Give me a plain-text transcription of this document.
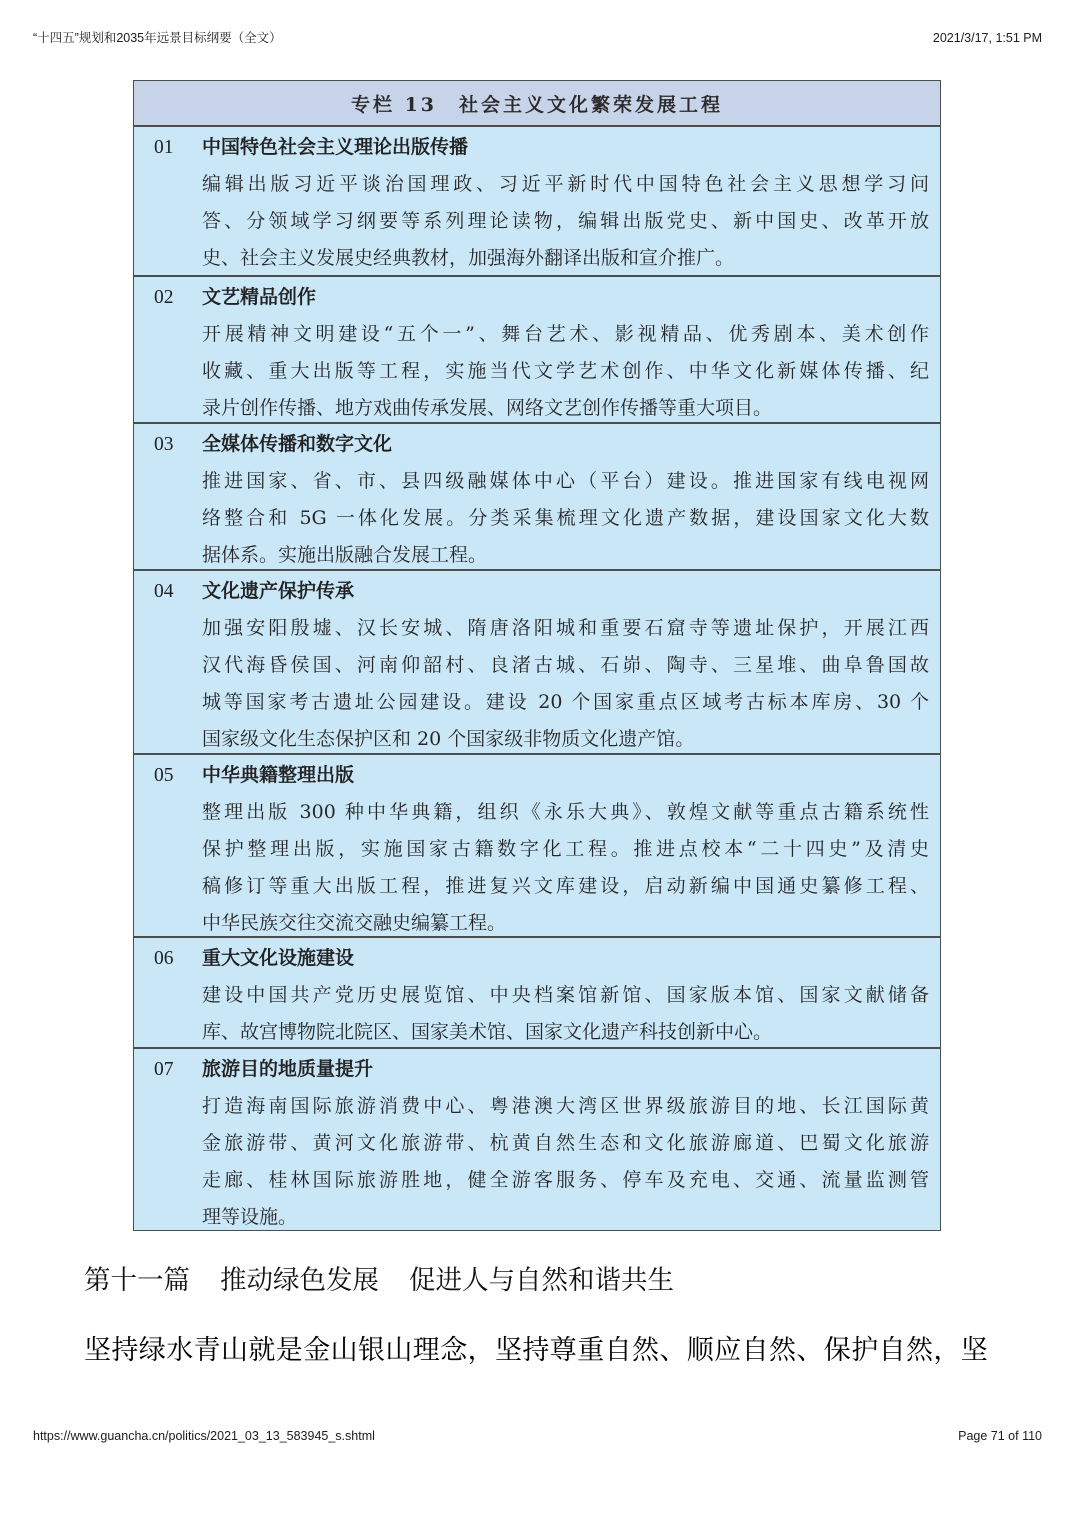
“十四五”规划和2035年远景目标纲要（全文）	2021/3/17, 1:51 PM
专栏 13 社会主义文化繁荣发展工程
01 中国特色社会主义理论出版传播
编辑出版习近平谈治国理政、习近平新时代中国特色社会主义思想学习问
答、分领域学习纲要等系列理论读物，编辑出版党史、新中国史、改革开放
史、社会主义发展史经典教材，加强海外翻译出版和宣介推广。
02 文艺精品创作
开展精神文明建设“五个一”、舞台艺术、影视精品、优秀剧本、美术创作
收藏、重大出版等工程，实施当代文学艺术创作、中华文化新媒体传播、纪
录片创作传播、地方戏曲传承发展、网络文艺创作传播等重大项目。
03 全媒体传播和数字文化
推进国家、省、市、县四级融媒体中心（平台）建设。推进国家有线电视网
络整合和 5G 一体化发展。分类采集梳理文化遗产数据，建设国家文化大数
据体系。实施出版融合发展工程。
04 文化遗产保护传承
加强安阳殷墟、汉长安城、隋唐洛阳城和重要石窟寺等遗址保护，开展江西
汉代海昏侯国、河南仰韶村、良渚古城、石峁、陶寺、三星堆、曲阜鲁国故
城等国家考古遗址公园建设。建设 20 个国家重点区域考古标本库房、30 个
国家级文化生态保护区和 20 个国家级非物质文化遗产馆。
05 中华典籍整理出版
整理出版 300 种中华典籍，组织《永乐大典》、敦煌文献等重点古籍系统性
保护整理出版，实施国家古籍数字化工程。推进点校本“二十四史”及清史
稿修订等重大出版工程，推进复兴文库建设，启动新编中国通史纂修工程、
中华民族交往交流交融史编纂工程。
06 重大文化设施建设
建设中国共产党历史展览馆、中央档案馆新馆、国家版本馆、国家文献储备
库、故宫博物院北院区、国家美术馆、国家文化遗产科技创新中心。
07 旅游目的地质量提升
打造海南国际旅游消费中心、粤港澳大湾区世界级旅游目的地、长江国际黄
金旅游带、黄河文化旅游带、杭黄自然生态和文化旅游廊道、巴蜀文化旅游
走廊、桂林国际旅游胜地，健全游客服务、停车及充电、交通、流量监测管
理等设施。
第十一篇 推动绿色发展 促进人与自然和谐共生
坚持绿水青山就是金山银山理念，坚持尊重自然、顺应自然、保护自然，坚
https://www.guancha.cn/politics/2021_03_13_583945_s.shtml	Page 71 of 110
